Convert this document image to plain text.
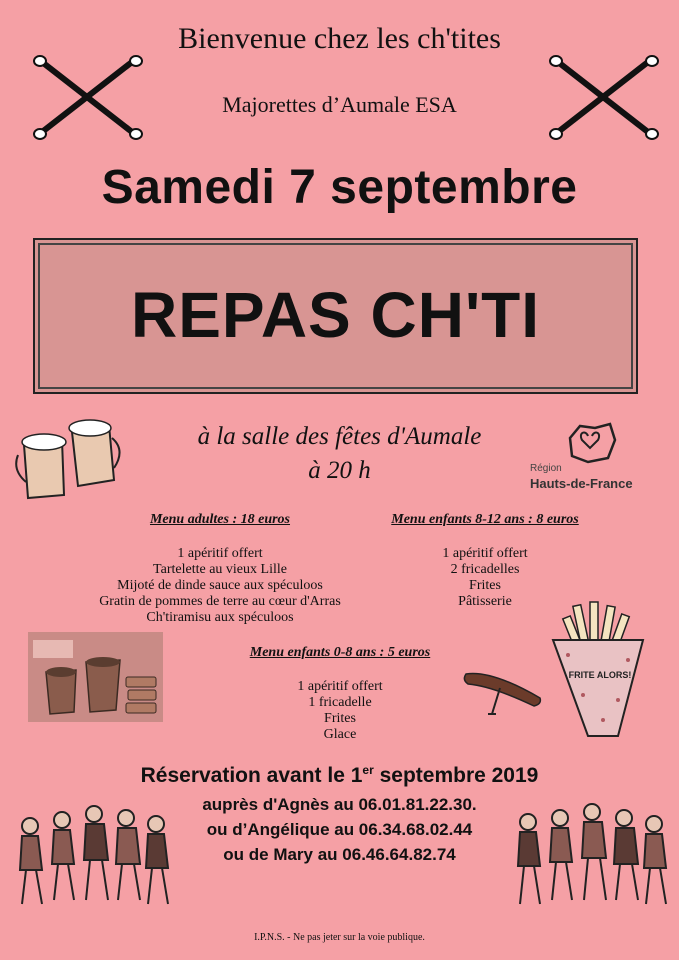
Bienvenue chez les ch'tites
Majorettes d’Aumale ESA
Samedi 7 septembre
REPAS CH'TI
Région
Hauts-de-France
à la salle des fêtes d'Aumale
à 20 h
Menu adultes : 18 euros
1 apéritif offert
Tartelette au vieux Lille
Mijoté de dinde sauce aux spéculoos
Gratin de pommes de terre au cœur d'Arras
Ch'tiramisu aux spéculoos
Menu enfants 8-12 ans : 8 euros
1 apéritif offert
2 fricadelles
Frites
Pâtisserie
Menu enfants 0-8 ans : 5 euros
1 apéritif offert
1 fricadelle
Frites
Glace
FRITE ALORS!
Réservation avant le 1er septembre 2019
auprès d'Agnès au 06.01.81.22.30.
ou d’Angélique au 06.34.68.02.44
ou de Mary au 06.46.64.82.74
I.P.N.S. - Ne pas jeter sur la voie publique.
